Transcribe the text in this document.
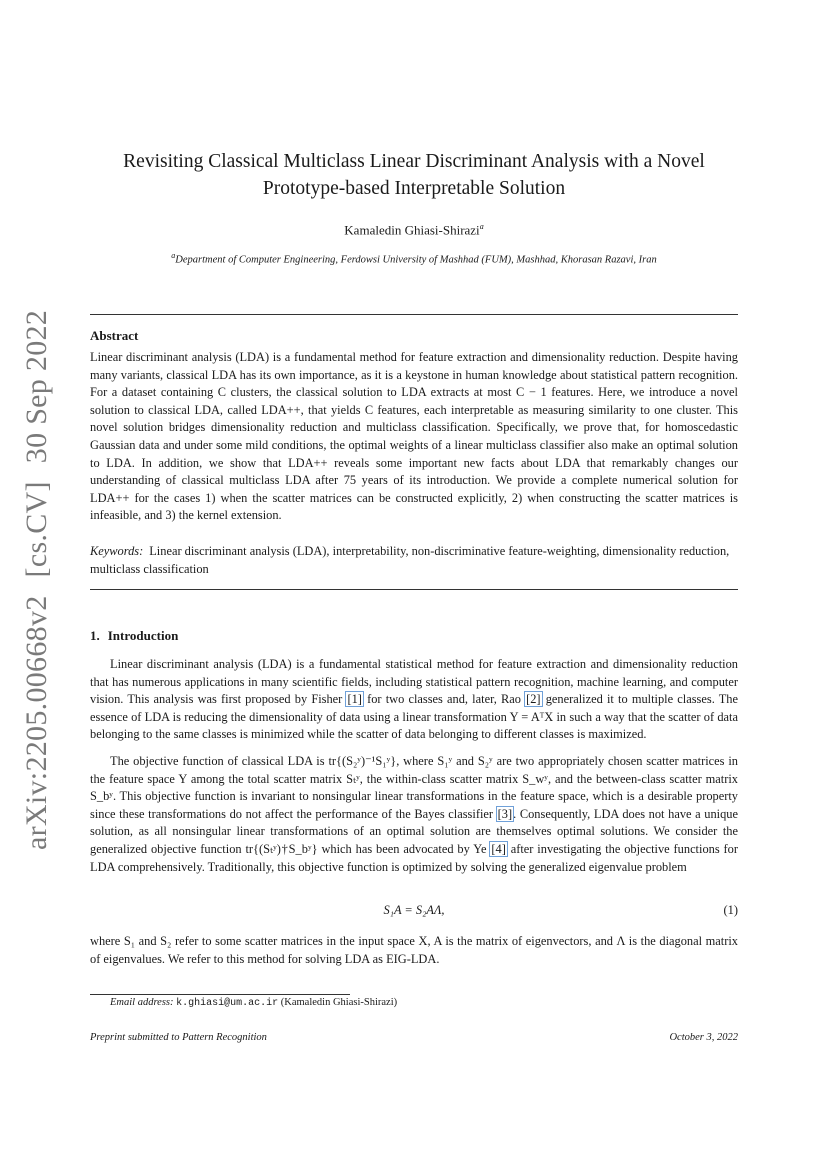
arXiv:2205.00668v2
[cs.CV]
30 Sep 2022
Revisiting Classical Multiclass Linear Discriminant Analysis with a Novel
Prototype-based Interpretable Solution
Kamaledin Ghiasi-Shirazi$^a$
$^a$Department of Computer Engineering, Ferdowsi University of Mashhad (FUM), Mashhad, Khorasan Razavi, Iran
Abstract
Linear discriminant analysis (LDA) is a fundamental method for feature extraction and dimensionality reduction. Despite having many variants, classical LDA has its own importance, as it is a keystone in human knowledge about statistical pattern recognition. For a dataset containing C clusters, the classical solution to LDA extracts at most C − 1 features. Here, we introduce a novel solution to classical LDA, called LDA++, that yields C features, each interpretable as measuring similarity to one cluster. This novel solution bridges dimensionality reduction and multiclass classification. Specifically, we prove that, for homoscedastic Gaussian data and under some mild conditions, the optimal weights of a linear multiclass classifier also make an optimal solution to LDA. In addition, we show that LDA++ reveals some important new facts about LDA that remarkably changes our understanding of classical multiclass LDA after 75 years of its introduction. We provide a complete numerical solution for LDA++ for the cases 1) when the scatter matrices can be constructed explicitly, 2) when constructing the scatter matrices is infeasible, and 3) the kernel extension.
Keywords: Linear discriminant analysis (LDA), interpretability, non-discriminative feature-weighting, dimensionality reduction, multiclass classification
1. Introduction
Linear discriminant analysis (LDA) is a fundamental statistical method for feature extraction and dimensionality reduction that has numerous applications in many scientific fields, including statistical pattern recognition, machine learning, and computer vision. This analysis was first proposed by Fisher [1] for two classes and, later, Rao [2] generalized it to multiple classes. The essence of LDA is reducing the dimensionality of data using a linear transformation Y = AᵀX in such a way that the scatter of data belonging to the same classes is minimized while the scatter of data belonging to different classes is maximized.
The objective function of classical LDA is tr{(S₂ʸ)⁻¹S₁ʸ}, where S₁ʸ and S₂ʸ are two appropriately chosen scatter matrices in the feature space Y among the total scatter matrix Sₜʸ, the within-class scatter matrix S_wʸ, and the between-class scatter matrix S_bʸ. This objective function is invariant to nonsingular linear transformations in the feature space, which is a desirable property since these transformations do not affect the performance of the Bayes classifier [3]. Consequently, LDA does not have a unique solution, as all nonsingular linear transformations of an optimal solution are themselves optimal solutions. We consider the generalized objective function tr{(Sₜʸ)†S_bʸ} which has been advocated by Ye [4] after investigating the objective functions for LDA comprehensively. Traditionally, this objective function is optimized by solving the generalized eigenvalue problem
S₁A = S₂AΛ,	(1)
where S₁ and S₂ refer to some scatter matrices in the input space X, A is the matrix of eigenvectors, and Λ is the diagonal matrix of eigenvalues. We refer to this method for solving LDA as EIG-LDA.
Email address: k.ghiasi@um.ac.ir (Kamaledin Ghiasi-Shirazi)
Preprint submitted to Pattern Recognition	October 3, 2022
